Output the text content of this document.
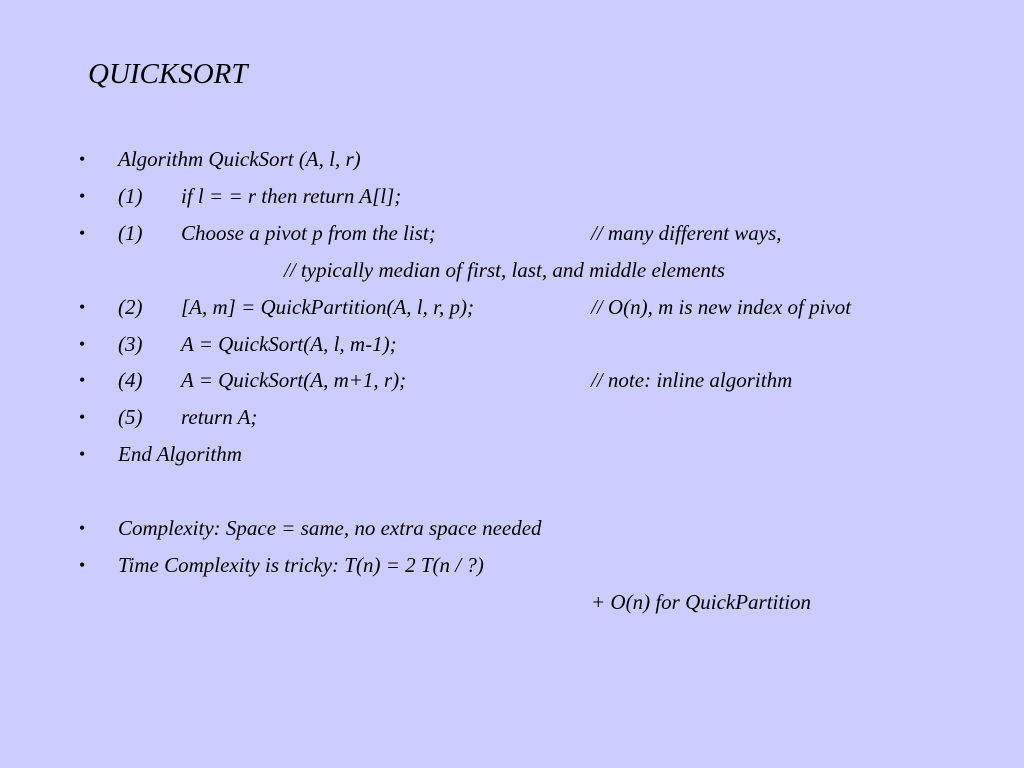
QUICKSORT
• Algorithm QuickSort (A, l, r)
• (1) if l = = r then return A[l];
• (1) Choose a pivot p from the list;	// many different ways,
// typically median of first, last, and middle elements
• (2) [A, m] = QuickPartition(A, l, r, p);	// O(n), m is new index of pivot
• (3) A = QuickSort(A, l, m-1);
• (4) A = QuickSort(A, m+1, r);	// note: inline algorithm
• (5) return A;
• End Algorithm
• Complexity: Space = same, no extra space needed
• Time Complexity is tricky: T(n) = 2 T(n / ?)
+ O(n) for QuickPartition
